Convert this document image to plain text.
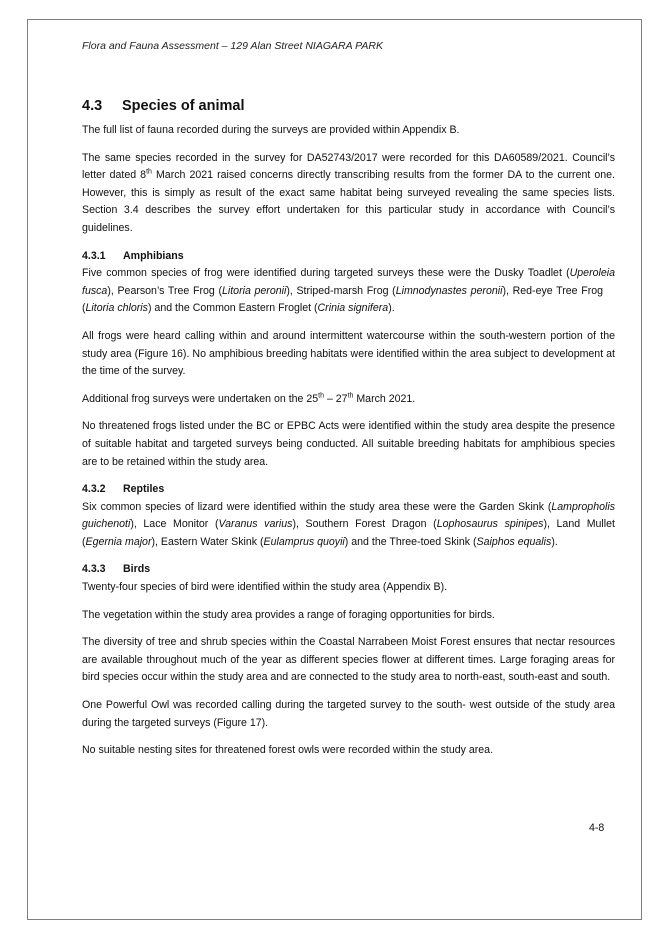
Flora and Fauna Assessment – 129 Alan Street NIAGARA PARK
4.3 Species of animal

The full list of fauna recorded during the surveys are provided within Appendix B.

The same species recorded in the survey for DA52743/2017 were recorded for this DA60589/2021. Council’s letter dated 8th March 2021 raised concerns directly transcribing results from the former DA to the current one. However, this is simply as result of the exact same habitat being surveyed revealing the same species lists. Section 3.4 describes the survey effort undertaken for this particular study in accordance with Council’s guidelines.

4.3.1 Amphibians

Five common species of frog were identified during targeted surveys these were the Dusky Toadlet (Uperoleia fusca), Pearson’s Tree Frog (Litoria peronii), Striped-marsh Frog (Limnodynastes peronii), Red-eye Tree Frog(Litoria chloris) and the Common Eastern Froglet (Crinia signifera).

All frogs were heard calling within and around intermittent watercourse within the south-western portion of the study area (Figure 16). No amphibious breeding habitats were identified within the area subject to development at the time of the survey.

Additional frog surveys were undertaken on the 25th – 27th March 2021.

No threatened frogs listed under the BC or EPBC Acts were identified within the study area despite the presence of suitable habitat and targeted surveys being conducted. All suitable breeding habitats for amphibious species are to be retained within the study area.

4.3.2 Reptiles

Six common species of lizard were identified within the study area these were the Garden Skink (Lampropholis guichenoti), Lace Monitor (Varanus varius), Southern Forest Dragon (Lophosaurus spinipes), Land Mullet (Egernia major), Eastern Water Skink (Eulamprus quoyii) and the Three-toed Skink (Saiphos equalis).

4.3.3 Birds

Twenty-four species of bird were identified within the study area (Appendix B).

The vegetation within the study area provides a range of foraging opportunities for birds.

The diversity of tree and shrub species within the Coastal Narrabeen Moist Forest ensures that nectar resources are available throughout much of the year as different species flower at different times. Large foraging areas for bird species occur within the study area and are connected to the study area to north-east, south-east and south.

One Powerful Owl was recorded calling during the targeted survey to the south- west outside of the study area during the targeted surveys (Figure 17).

No suitable nesting sites for threatened forest owls were recorded within the study area.

4-8
